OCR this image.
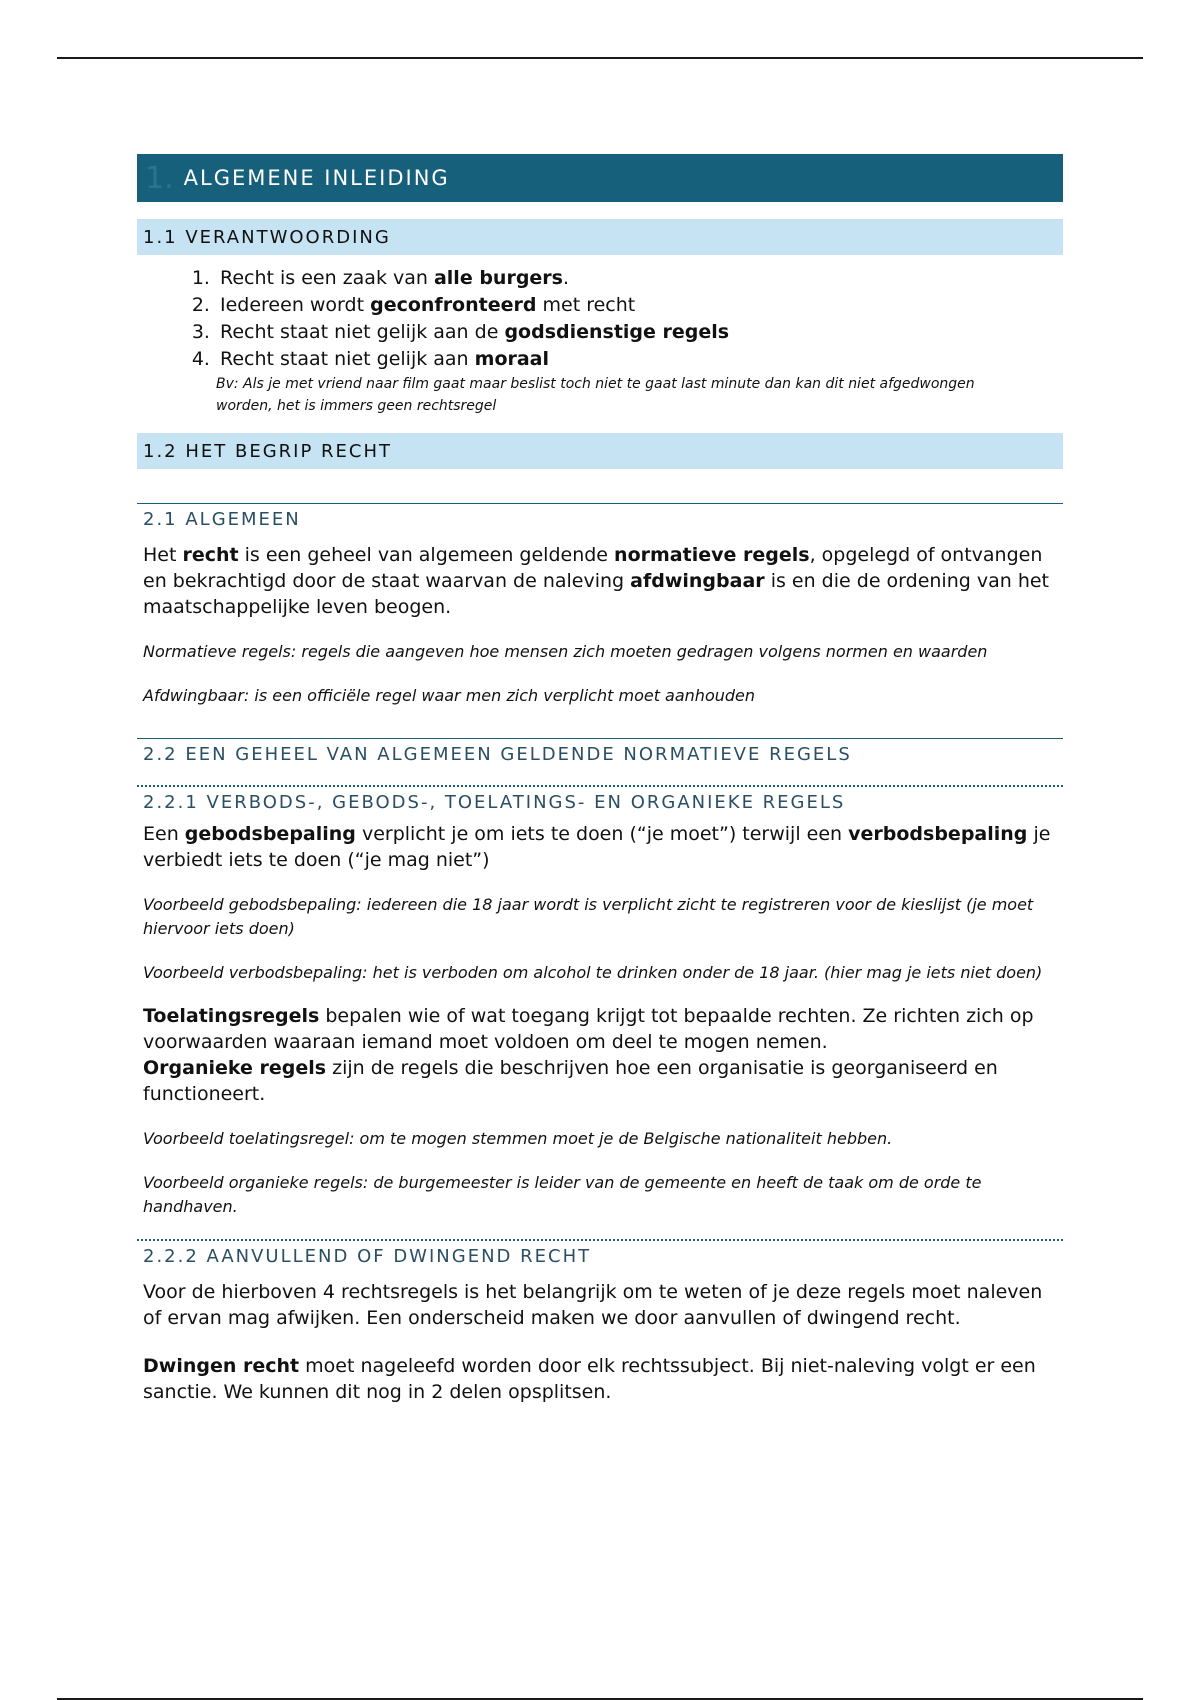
1. ALGEMENE INLEIDING
1.1 VERANTWOORDING
1. Recht is een zaak van alle burgers.
2. Iedereen wordt geconfronteerd met recht
3. Recht staat niet gelijk aan de godsdienstige regels
4. Recht staat niet gelijk aan moraal
Bv: Als je met vriend naar film gaat maar beslist toch niet te gaat last minute dan kan dit niet afgedwongen worden, het is immers geen rechtsregel
1.2 HET BEGRIP RECHT
2.1 ALGEMEEN

Het recht is een geheel van algemeen geldende normatieve regels, opgelegd of ontvangen en bekrachtigd door de staat waarvan de naleving afdwingbaar is en die de ordening van het maatschappelijke leven beogen.

Normatieve regels: regels die aangeven hoe mensen zich moeten gedragen volgens normen en waarden

Afdwingbaar: is een officiële regel waar men zich verplicht moet aanhouden

2.2 EEN GEHEEL VAN ALGEMEEN GELDENDE NORMATIEVE REGELS
2.2.1 VERBODS-, GEBODS-, TOELATINGS- EN ORGANIEKE REGELS

Een gebodsbepaling verplicht je om iets te doen (“je moet”) terwijl een verbodsbepaling je verbiedt iets te doen (“je mag niet”)

Voorbeeld gebodsbepaling: iedereen die 18 jaar wordt is verplicht zicht te registreren voor de kieslijst (je moet hiervoor iets doen)

Voorbeeld verbodsbepaling: het is verboden om alcohol te drinken onder de 18 jaar. (hier mag je iets niet doen)

Toelatingsregels bepalen wie of wat toegang krijgt tot bepaalde rechten. Ze richten zich op voorwaarden waaraan iemand moet voldoen om deel te mogen nemen.
Organieke regels zijn de regels die beschrijven hoe een organisatie is georganiseerd en functioneert.

Voorbeeld toelatingsregel: om te mogen stemmen moet je de Belgische nationaliteit hebben.

Voorbeeld organieke regels: de burgemeester is leider van de gemeente en heeft de taak om de orde te handhaven.

2.2.2 AANVULLEND OF DWINGEND RECHT

Voor de hierboven 4 rechtsregels is het belangrijk om te weten of je deze regels moet naleven of ervan mag afwijken. Een onderscheid maken we door aanvullen of dwingend recht.

Dwingen recht moet nageleefd worden door elk rechtssubject. Bij niet-naleving volgt er een sanctie. We kunnen dit nog in 2 delen opsplitsen.
